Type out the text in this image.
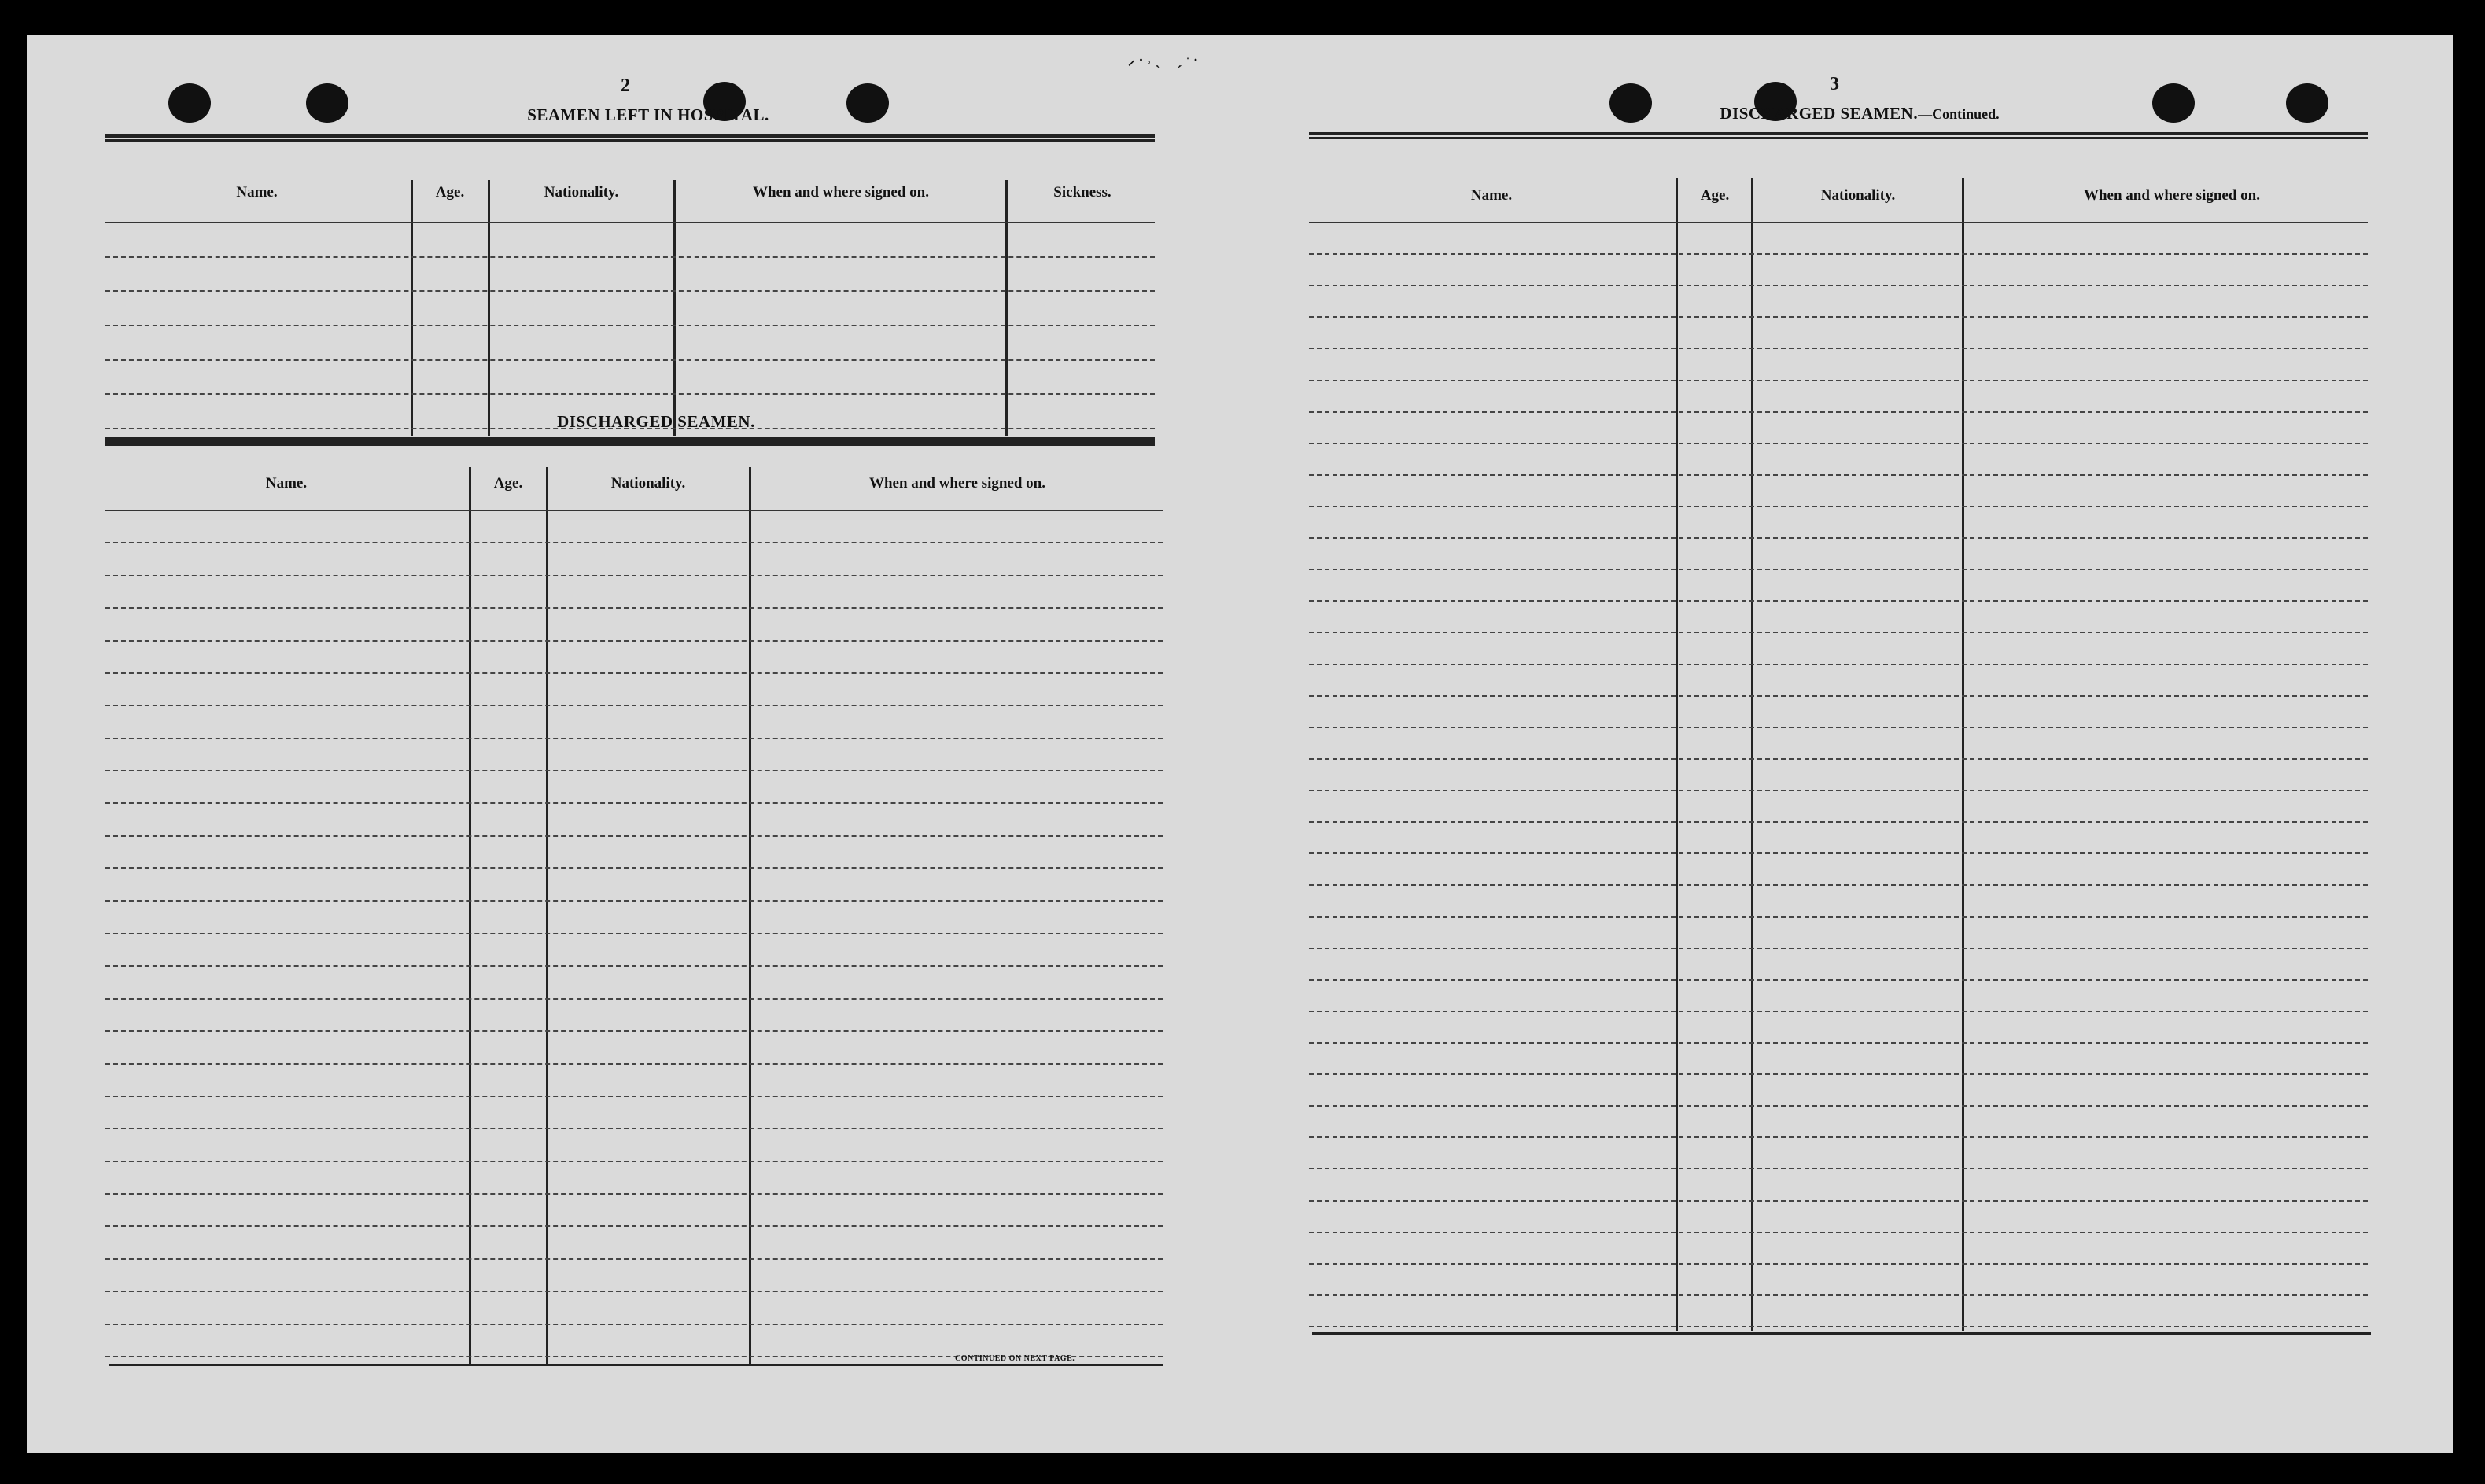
⸝ · ˒ ˎ     ˏ ˑ ·
2
SEAMEN LEFT IN HOSPITAL.
Name.	Age.	Nationality.	When and where signed on.	Sickness.
DISCHARGED SEAMEN.
Name.	Age.	Nationality.	When and where signed on.
CONTINUED ON NEXT PAGE.
3
DISCHARGED SEAMEN.—Continued.
Name.	Age.	Nationality.	When and where signed on.
